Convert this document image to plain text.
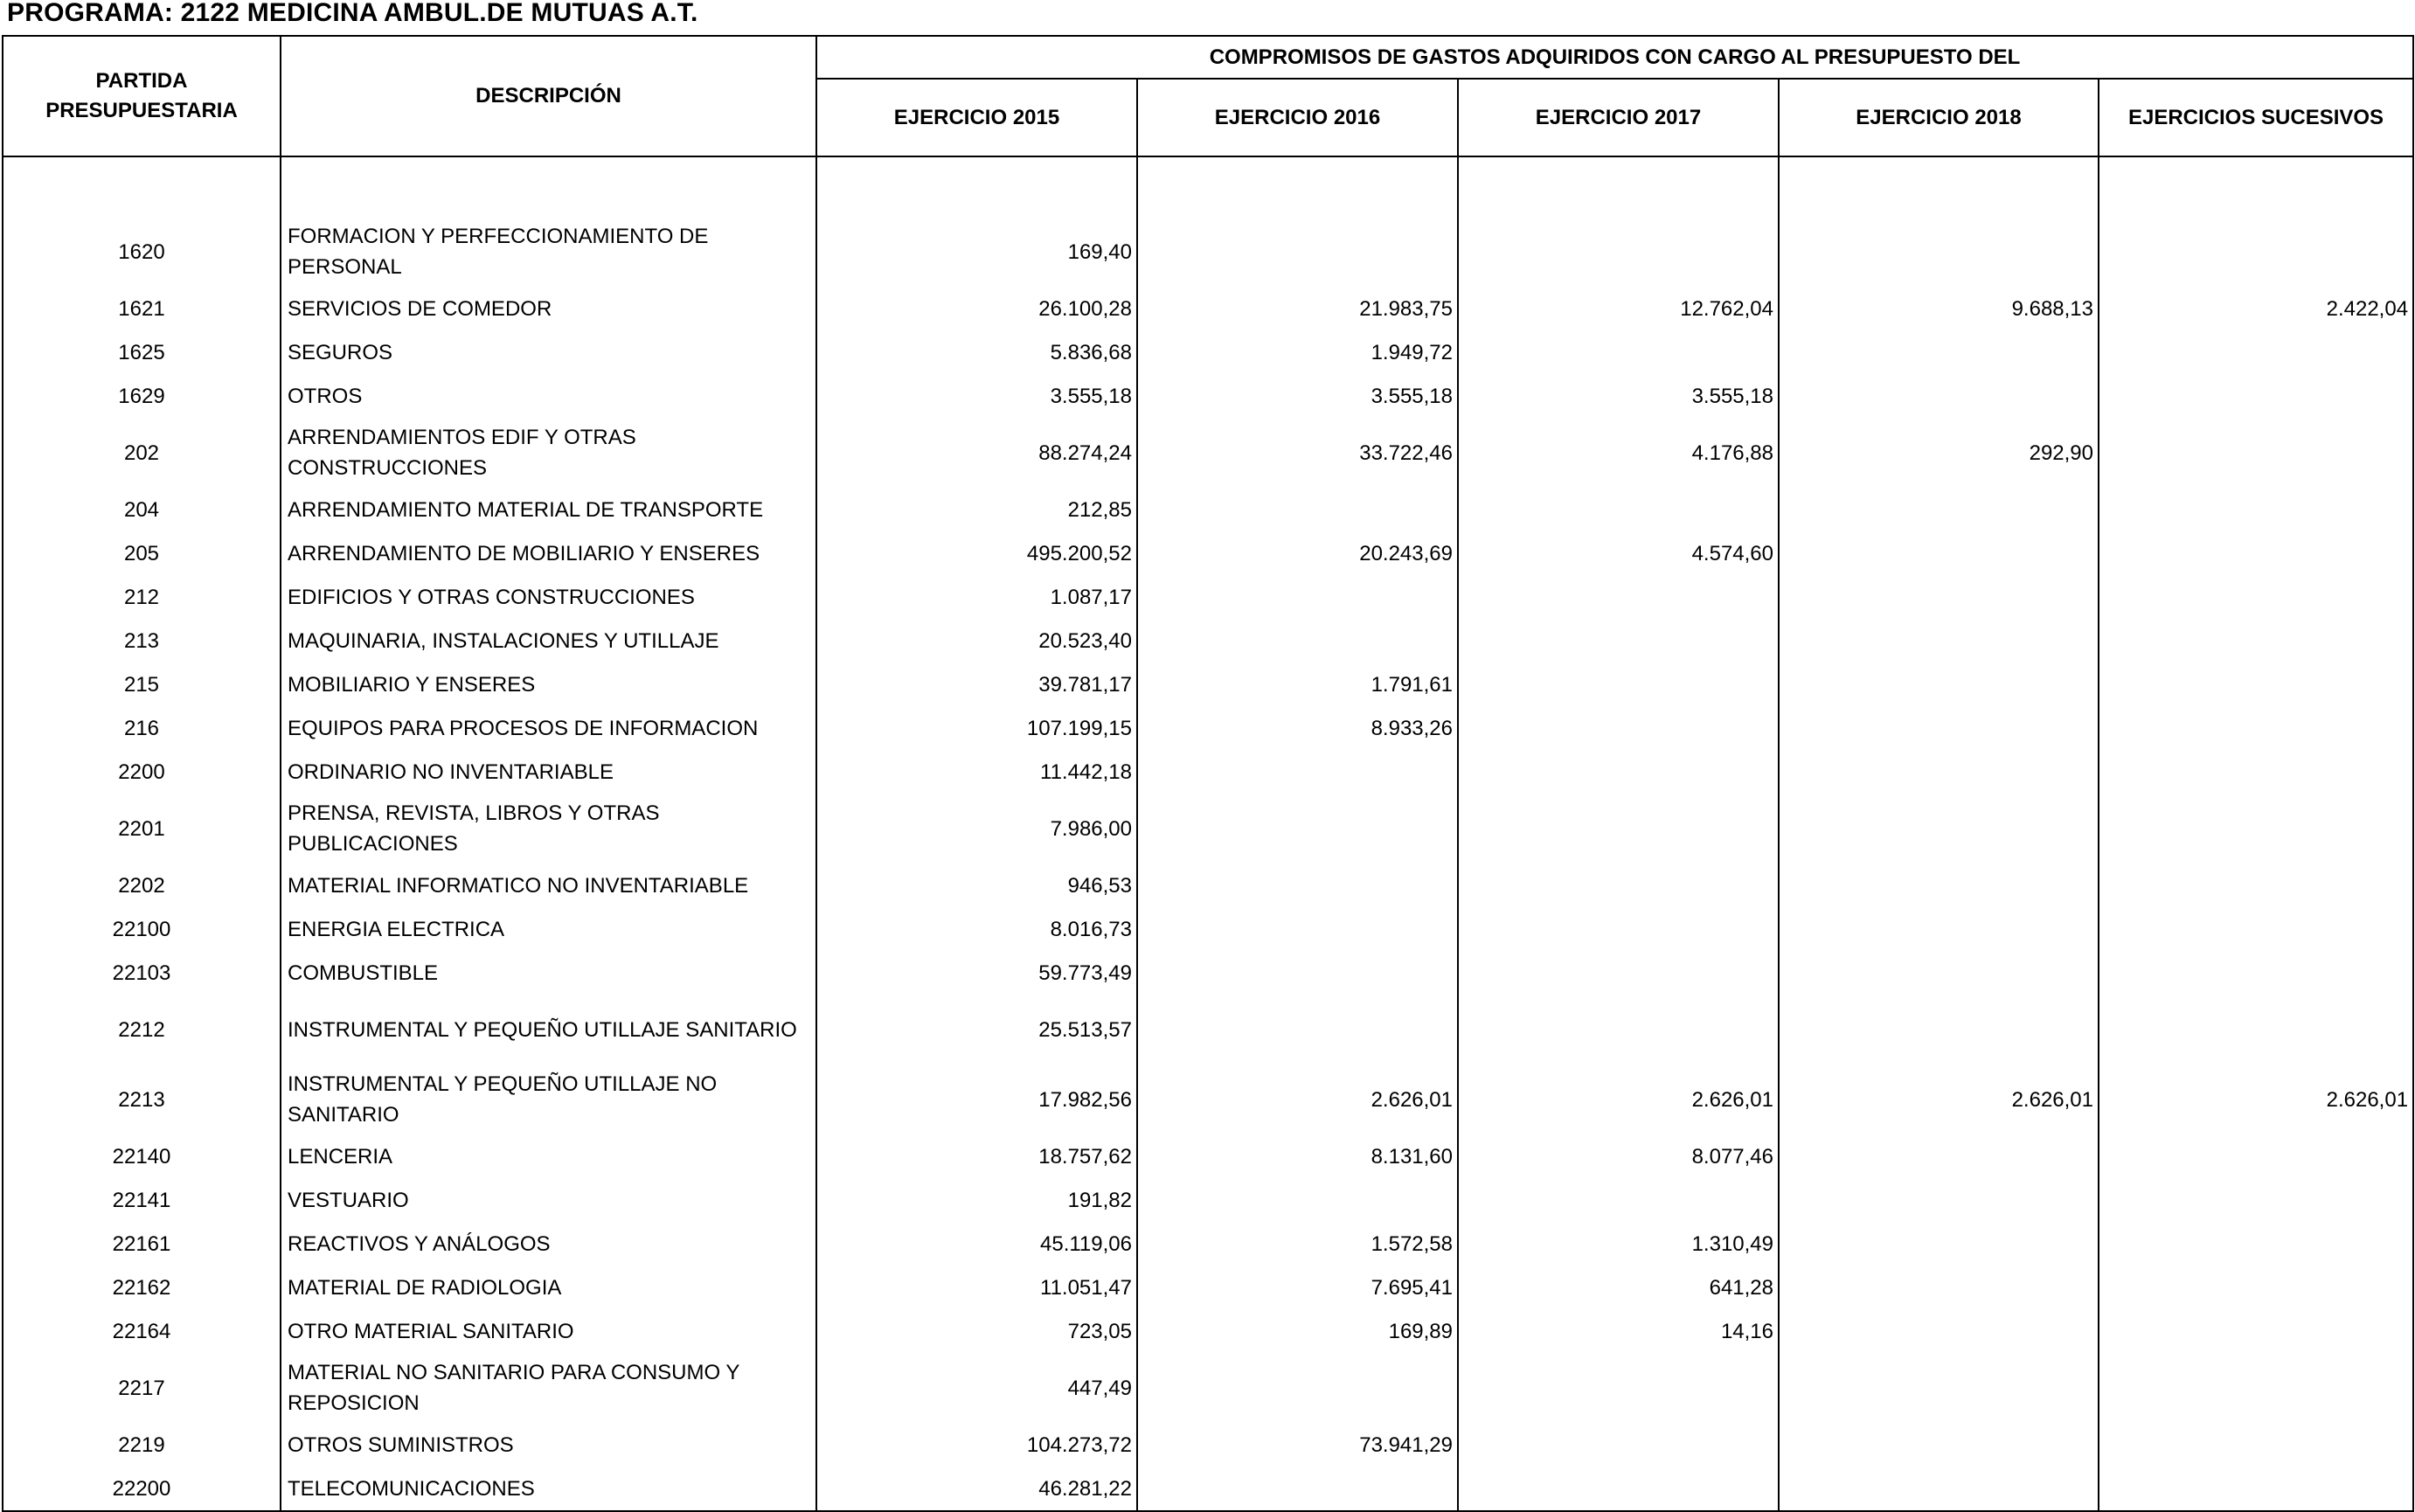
PROGRAMA: 2122 MEDICINA AMBUL.DE MUTUAS A.T.
PARTIDA PRESUPUESTARIA	DESCRIPCIÓN	COMPROMISOS DE GASTOS ADQUIRIDOS CON CARGO AL PRESUPUESTO DEL				
		EJERCICIO 2015	EJERCICIO 2016	EJERCICIO 2017	EJERCICIO 2018	EJERCICIOS SUCESIVOS

1620	FORMACION Y PERFECCIONAMIENTO DE PERSONAL	169,40				
1621	SERVICIOS DE COMEDOR	26.100,28	21.983,75	12.762,04	9.688,13	2.422,04
1625	SEGUROS	5.836,68	1.949,72			
1629	OTROS	3.555,18	3.555,18	3.555,18		
202	ARRENDAMIENTOS EDIF Y OTRAS CONSTRUCCIONES	88.274,24	33.722,46	4.176,88	292,90	
204	ARRENDAMIENTO MATERIAL DE TRANSPORTE	212,85				
205	ARRENDAMIENTO DE MOBILIARIO Y ENSERES	495.200,52	20.243,69	4.574,60		
212	EDIFICIOS Y OTRAS CONSTRUCCIONES	1.087,17				
213	MAQUINARIA, INSTALACIONES Y UTILLAJE	20.523,40				
215	MOBILIARIO Y ENSERES	39.781,17	1.791,61			
216	EQUIPOS PARA PROCESOS DE INFORMACION	107.199,15	8.933,26			
2200	ORDINARIO NO INVENTARIABLE	11.442,18				
2201	PRENSA, REVISTA, LIBROS Y OTRAS PUBLICACIONES	7.986,00				
2202	MATERIAL INFORMATICO NO INVENTARIABLE	946,53				
22100	ENERGIA ELECTRICA	8.016,73				
22103	COMBUSTIBLE	59.773,49				
2212	INSTRUMENTAL Y PEQUEÑO UTILLAJE SANITARIO	25.513,57				
2213	INSTRUMENTAL Y PEQUEÑO UTILLAJE NO SANITARIO	17.982,56	2.626,01	2.626,01	2.626,01	2.626,01
22140	LENCERIA	18.757,62	8.131,60	8.077,46		
22141	VESTUARIO	191,82				
22161	REACTIVOS Y ANÁLOGOS	45.119,06	1.572,58	1.310,49		
22162	MATERIAL DE RADIOLOGIA	11.051,47	7.695,41	641,28		
22164	OTRO MATERIAL SANITARIO	723,05	169,89	14,16		
2217	MATERIAL NO SANITARIO PARA CONSUMO Y REPOSICION	447,49				
2219	OTROS SUMINISTROS	104.273,72	73.941,29			
22200	TELECOMUNICACIONES	46.281,22				
